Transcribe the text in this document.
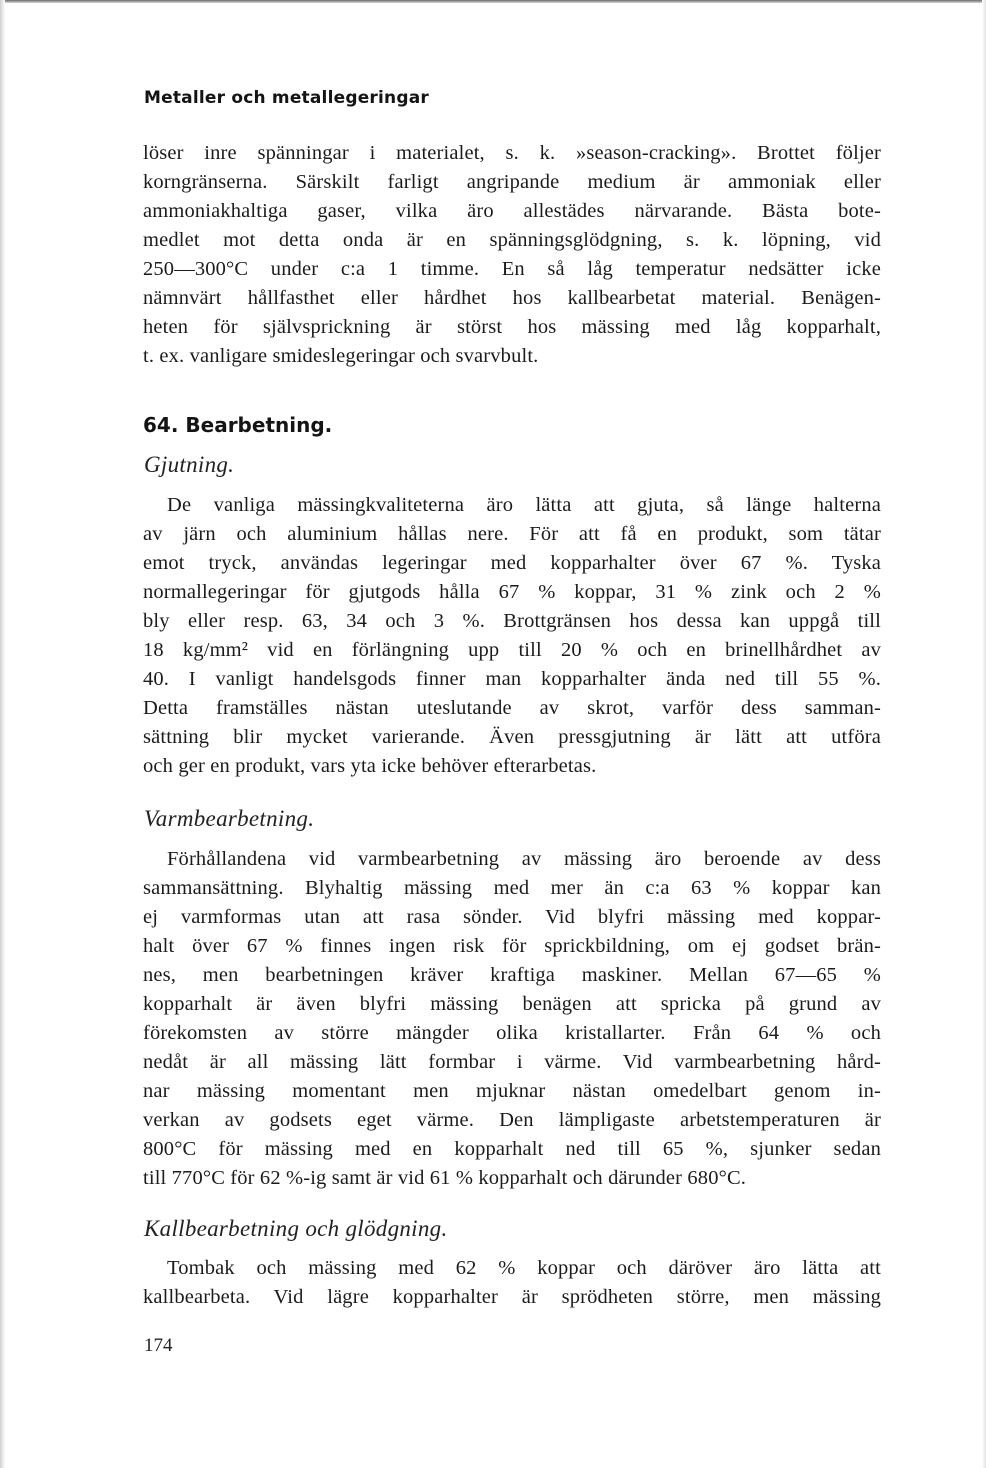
Metaller och metallegeringar
löser inre spänningar i materialet, s. k. »season-cracking». Brottet följer
korngränserna. Särskilt farligt angripande medium är ammoniak eller
ammoniakhaltiga gaser, vilka äro allestädes närvarande. Bästa bote-
medlet mot detta onda är en spänningsglödgning, s. k. löpning, vid
250—300°C under c:a 1 timme. En så låg temperatur nedsätter icke
nämnvärt hållfasthet eller hårdhet hos kallbearbetat material. Benägen-
heten för självsprickning är störst hos mässing med låg kopparhalt,
t. ex. vanligare smideslegeringar och svarvbult.
64. Bearbetning.
Gjutning.
De vanliga mässingkvaliteterna äro lätta att gjuta, så länge halterna
av järn och aluminium hållas nere. För att få en produkt, som tätar
emot tryck, användas legeringar med kopparhalter över 67 %. Tyska
normallegeringar för gjutgods hålla 67 % koppar, 31 % zink och 2 %
bly eller resp. 63, 34 och 3 %. Brottgränsen hos dessa kan uppgå till
18 kg/mm² vid en förlängning upp till 20 % och en brinellhårdhet av
40. I vanligt handelsgods finner man kopparhalter ända ned till 55 %.
Detta framställes nästan uteslutande av skrot, varför dess samman-
sättning blir mycket varierande. Även pressgjutning är lätt att utföra
och ger en produkt, vars yta icke behöver efterarbetas.
Varmbearbetning.
Förhållandena vid varmbearbetning av mässing äro beroende av dess
sammansättning. Blyhaltig mässing med mer än c:a 63 % koppar kan
ej varmformas utan att rasa sönder. Vid blyfri mässing med koppar-
halt över 67 % finnes ingen risk för sprickbildning, om ej godset brän-
nes, men bearbetningen kräver kraftiga maskiner. Mellan 67—65 %
kopparhalt är även blyfri mässing benägen att spricka på grund av
förekomsten av större mängder olika kristallarter. Från 64 % och
nedåt är all mässing lätt formbar i värme. Vid varmbearbetning hård-
nar mässing momentant men mjuknar nästan omedelbart genom in-
verkan av godsets eget värme. Den lämpligaste arbetstemperaturen är
800°C för mässing med en kopparhalt ned till 65 %, sjunker sedan
till 770°C för 62 %-ig samt är vid 61 % kopparhalt och därunder 680°C.
Kallbearbetning och glödgning.
Tombak och mässing med 62 % koppar och däröver äro lätta att
kallbearbeta. Vid lägre kopparhalter är sprödheten större, men mässing
174
